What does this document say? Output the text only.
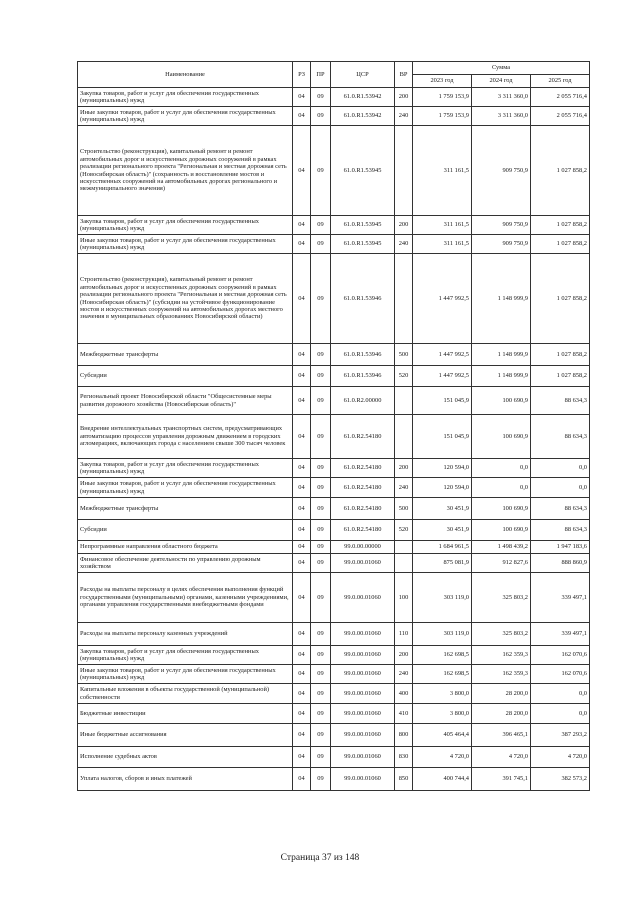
Наименование	РЗ	ПР	ЦСР	ВР	Сумма		
					2023 год	2024 год	2025 год
Закупка товаров, работ и услуг для обеспечения государственных (муниципальных) нужд	04	09	61.0.R1.53942	200	1 759 153,9	3 311 360,0	2 055 716,4
Иные закупки товаров, работ и услуг для обеспечения государственных (муниципальных) нужд	04	09	61.0.R1.53942	240	1 759 153,9	3 311 360,0	2 055 716,4
Строительство (реконструкция), капитальный ремонт и ремонт автомобильных дорог и искусственных дорожных сооружений в рамках реализации регионального проекта "Региональная и местная дорожная сеть (Новосибирская область)" (сохранность и восстановление мостов и искусственных сооружений на автомобильных дорогах регионального и межмуниципального значения)	04	09	61.0.R1.53945		311 161,5	909 750,9	1 027 858,2
Закупка товаров, работ и услуг для обеспечения государственных (муниципальных) нужд	04	09	61.0.R1.53945	200	311 161,5	909 750,9	1 027 858,2
Иные закупки товаров, работ и услуг для обеспечения государственных (муниципальных) нужд	04	09	61.0.R1.53945	240	311 161,5	909 750,9	1 027 858,2
Строительство (реконструкция), капитальный ремонт и ремонт автомобильных дорог и искусственных дорожных сооружений в рамках реализации регионального проекта "Региональная и местная дорожная сеть (Новосибирская область)" (субсидии на устойчивое функционирование мостов и искусственных сооружений на автомобильных дорогах местного значения в муниципальных образованиях Новосибирской области)	04	09	61.0.R1.53946		1 447 992,5	1 148 999,9	1 027 858,2
Межбюджетные трансферты	04	09	61.0.R1.53946	500	1 447 992,5	1 148 999,9	1 027 858,2
Субсидии	04	09	61.0.R1.53946	520	1 447 992,5	1 148 999,9	1 027 858,2
Региональный проект Новосибирской области "Общесистемные меры развития дорожного хозяйства (Новосибирская область)"	04	09	61.0.R2.00000		151 045,9	100 690,9	88 634,3
Внедрение интеллектуальных транспортных систем, предусматривающих автоматизацию процессов управления дорожным движением в городских агломерациях, включающих города с населением свыше 300 тысяч человек	04	09	61.0.R2.54180		151 045,9	100 690,9	88 634,3
Закупка товаров, работ и услуг для обеспечения государственных (муниципальных) нужд	04	09	61.0.R2.54180	200	120 594,0	0,0	0,0
Иные закупки товаров, работ и услуг для обеспечения государственных (муниципальных) нужд	04	09	61.0.R2.54180	240	120 594,0	0,0	0,0
Межбюджетные трансферты	04	09	61.0.R2.54180	500	30 451,9	100 690,9	88 634,3
Субсидии	04	09	61.0.R2.54180	520	30 451,9	100 690,9	88 634,3
Непрограммные направления областного бюджета	04	09	99.0.00.00000		1 684 961,5	1 498 439,2	1 947 183,6
Финансовое обеспечение деятельности по управлению дорожным хозяйством	04	09	99.0.00.01060		875 081,9	912 827,6	888 860,9
Расходы на выплаты персоналу в целях обеспечения выполнения функций государственными (муниципальными) органами, казенными учреждениями, органами управления государственными внебюджетными фондами	04	09	99.0.00.01060	100	303 119,0	325 803,2	339 497,1
Расходы на выплаты персоналу казенных учреждений	04	09	99.0.00.01060	110	303 119,0	325 803,2	339 497,1
Закупка товаров, работ и услуг для обеспечения государственных (муниципальных) нужд	04	09	99.0.00.01060	200	162 698,5	162 359,3	162 070,6
Иные закупки товаров, работ и услуг для обеспечения государственных (муниципальных) нужд	04	09	99.0.00.01060	240	162 698,5	162 359,3	162 070,6
Капитальные вложения в объекты государственной (муниципальной) собственности	04	09	99.0.00.01060	400	3 800,0	28 200,0	0,0
Бюджетные инвестиции	04	09	99.0.00.01060	410	3 800,0	28 200,0	0,0
Иные бюджетные ассигнования	04	09	99.0.00.01060	800	405 464,4	396 465,1	387 293,2
Исполнение судебных актов	04	09	99.0.00.01060	830	4 720,0	4 720,0	4 720,0
Уплата налогов, сборов и иных платежей	04	09	99.0.00.01060	850	400 744,4	391 745,1	382 573,2
Страница 37 из 148
